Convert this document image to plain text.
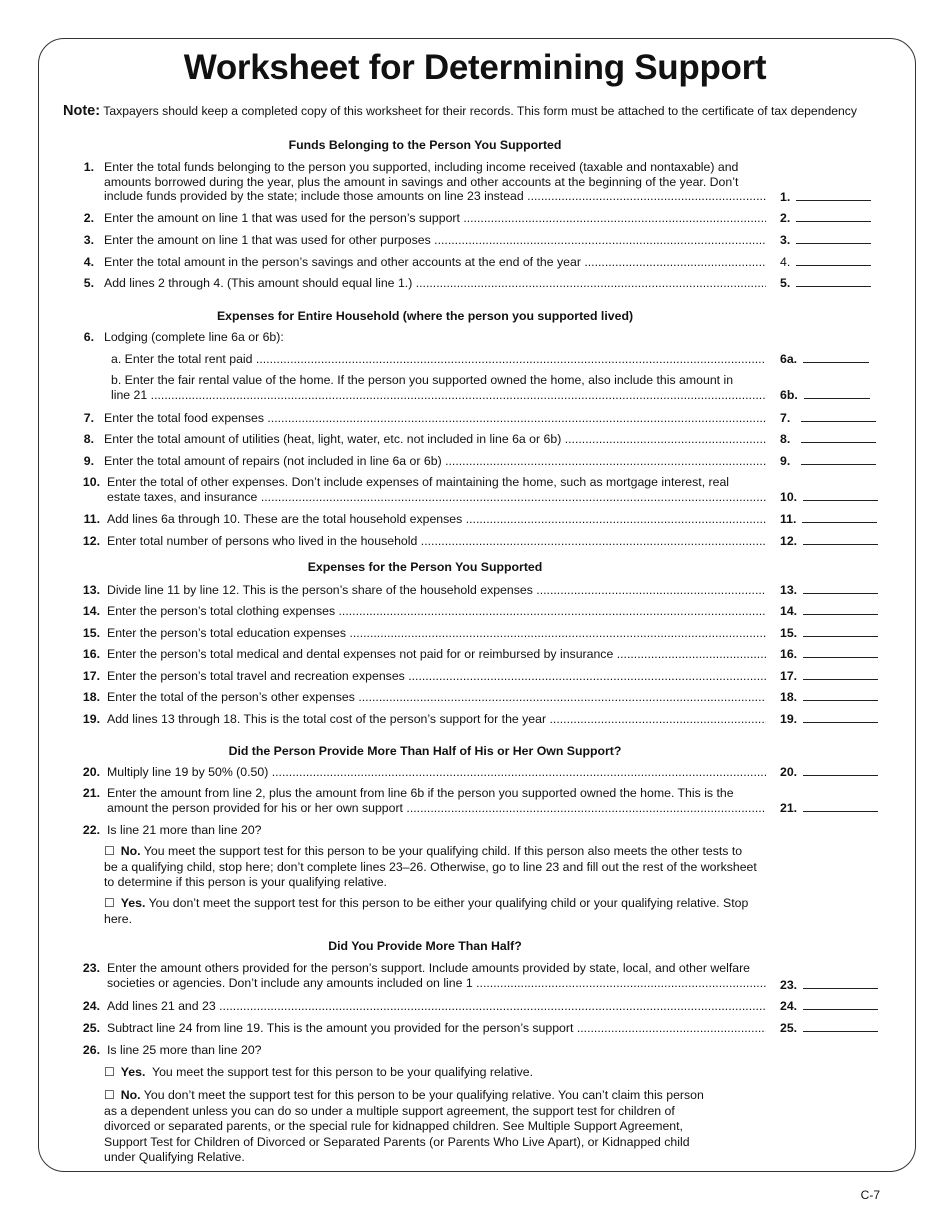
Worksheet for Determining Support
Note: Taxpayers should keep a completed copy of this worksheet for their records. This form must be attached to the certificate of tax dependency
Funds Belonging to the Person You Supported
1. Enter the total funds belonging to the person you supported, including income received (taxable and nontaxable) and
amounts borrowed during the year, plus the amount in savings and other accounts at the beginning of the year. Don’t
include funds provided by the state; include those amounts on line 23 instead .....	1.
2. Enter the amount on line 1 that was used for the person’s support .....	2.
3. Enter the amount on line 1 that was used for other purposes .....	3.
4. Enter the total amount in the person’s savings and other accounts at the end of the year .....	4.
5. Add lines 2 through 4. (This amount should equal line 1.) .....	5.
Expenses for Entire Household (where the person you supported lived)
6. Lodging (complete line 6a or 6b):
a. Enter the total rent paid .....	6a.
b. Enter the fair rental value of the home. If the person you supported owned the home, also include this amount in
line 21 .....	6b.
7. Enter the total food expenses .....	7.
8. Enter the total amount of utilities (heat, light, water, etc. not included in line 6a or 6b) .....	8.
9. Enter the total amount of repairs (not included in line 6a or 6b) .....	9.
10. Enter the total of other expenses. Don’t include expenses of maintaining the home, such as mortgage interest, real
estate taxes, and insurance .....	10.
11. Add lines 6a through 10. These are the total household expenses .....	11.
12. Enter total number of persons who lived in the household .....	12.
Expenses for the Person You Supported
13. Divide line 11 by line 12. This is the person’s share of the household expenses .....	13.
14. Enter the person’s total clothing expenses .....	14.
15. Enter the person’s total education expenses .....	15.
16. Enter the person’s total medical and dental expenses not paid for or reimbursed by insurance .....	16.
17. Enter the person’s total travel and recreation expenses .....	17.
18. Enter the total of the person’s other expenses .....	18.
19. Add lines 13 through 18. This is the total cost of the person’s support for the year .....	19.
Did the Person Provide More Than Half of His or Her Own Support?
20. Multiply line 19 by 50% (0.50) .....	20.
21. Enter the amount from line 2, plus the amount from line 6b if the person you supported owned the home. This is the
amount the person provided for his or her own support .....	21.
22. Is line 21 more than line 20?
☐ No. You meet the support test for this person to be your qualifying child. If this person also meets the other tests to
be a qualifying child, stop here; don’t complete lines 23–26. Otherwise, go to line 23 and fill out the rest of the worksheet
to determine if this person is your qualifying relative.
☐ Yes. You don’t meet the support test for this person to be either your qualifying child or your qualifying relative. Stop
here.
Did You Provide More Than Half?
23. Enter the amount others provided for the person’s support. Include amounts provided by state, local, and other welfare
societies or agencies. Don’t include any amounts included on line 1 .....	23.
24. Add lines 21 and 23 .....	24.
25. Subtract line 24 from line 19. This is the amount you provided for the person’s support .....	25.
26. Is line 25 more than line 20?
☐ Yes. You meet the support test for this person to be your qualifying relative.
☐ No. You don’t meet the support test for this person to be your qualifying relative. You can’t claim this person
as a dependent unless you can do so under a multiple support agreement, the support test for children of
divorced or separated parents, or the special rule for kidnapped children. See Multiple Support Agreement,
Support Test for Children of Divorced or Separated Parents (or Parents Who Live Apart), or Kidnapped child
under Qualifying Relative.
C-7
